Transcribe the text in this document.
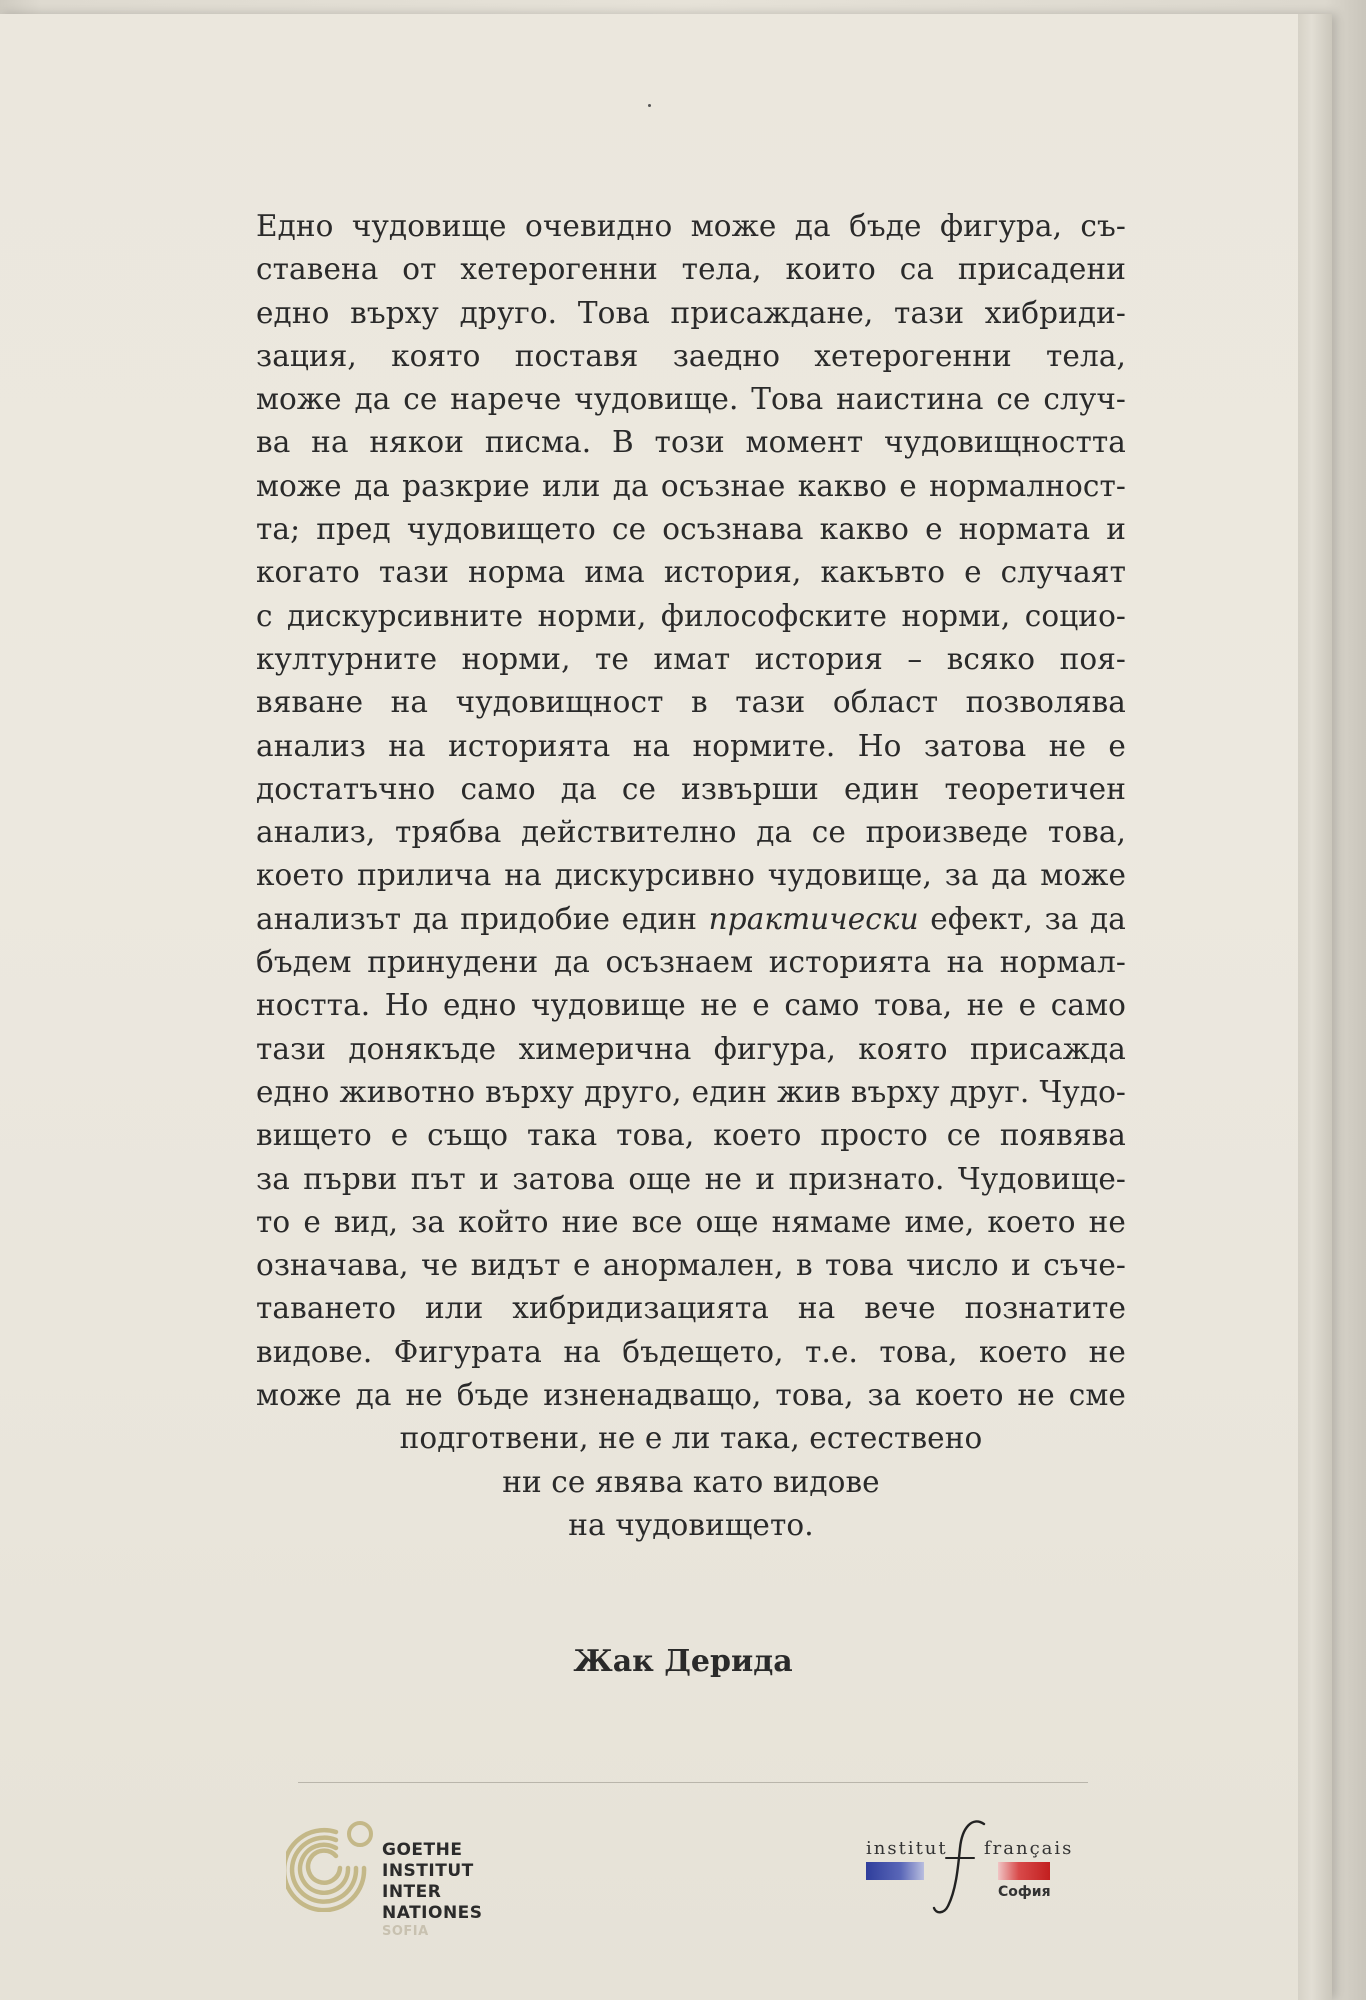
Едно чудовище очевидно може да бъде фигура, съ-
ставена от хетерогенни тела, които са присадени
едно върху друго. Това присаждане, тази хибриди-
зация, която поставя заедно хетерогенни тела,
може да се нарече чудовище. Това наистина се случ-
ва на някои писма. В този момент чудовищността
може да разкрие или да осъзнае какво е нормалност-
та; пред чудовището се осъзнава какво е нормата и
когато тази норма има история, какъвто е случаят
с дискурсивните норми, философските норми, социо-
културните норми, те имат история – всяко поя-
вяване на чудовищност в тази област позволява
анализ на историята на нормите. Но затова не е
достатъчно само да се извърши един теоретичен
анализ, трябва действително да се произведе това,
което прилича на дискурсивно чудовище, за да може
анализът да придобие един практически ефект, за да
бъдем принудени да осъзнаем историята на нормал-
ността. Но едно чудовище не е само това, не е само
тази донякъде химерична фигура, която присажда
едно животно върху друго, един жив върху друг. Чудо-
вището е също така това, което просто се появява
за първи път и затова още не и признато. Чудовище-
то е вид, за който ние все още нямаме име, което не
означава, че видът е анормален, в това число и съче-
таването или хибридизацията на вече познатите
видове. Фигурата на бъдещето, т.е. това, което не
може да не бъде изненадващо, това, за което не сме
подготвени, не е ли така, естествено
ни се явява като видове
на чудовището.
Жак Дерида
GOETHE INSTITUT
INTER NATIONES
SOFIA
institut français
София
